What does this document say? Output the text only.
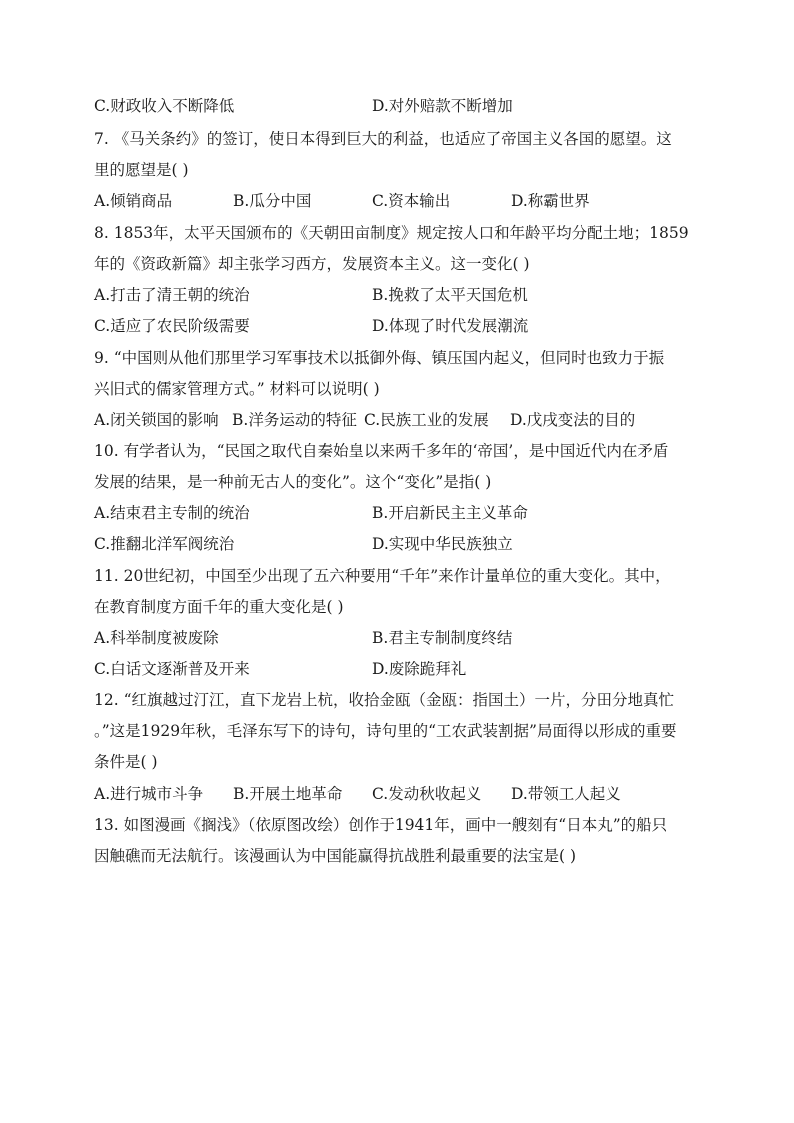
C.财政收入不断降低	D.对外赔款不断增加
7. 《马关条约》的签订，使日本得到巨大的利益，也适应了帝国主义各国的愿望。这
里的愿望是( )
A.倾销商品	B.瓜分中国	C.资本输出	D.称霸世界
8. 1853年，太平天国颁布的《天朝田亩制度》规定按人口和年龄平均分配土地；1859
年的《资政新篇》却主张学习西方，发展资本主义。这一变化( )
A.打击了清王朝的统治	B.挽救了太平天国危机
C.适应了农民阶级需要	D.体现了时代发展潮流
9. “中国则从他们那里学习军事技术以抵御外侮、镇压国内起义，但同时也致力于振
兴旧式的儒家管理方式。” 材料可以说明( )
A.闭关锁国的影响 B.洋务运动的特征 C.民族工业的发展 D.戊戌变法的目的
10. 有学者认为，“民国之取代自秦始皇以来两千多年的‘帝国’，是中国近代内在矛盾
发展的结果，是一种前无古人的变化”。这个“变化”是指( )
A.结束君主专制的统治	B.开启新民主主义革命
C.推翻北洋军阀统治	D.实现中华民族独立
11. 20世纪初，中国至少出现了五六种要用“千年”来作计量单位的重大变化。其中，
在教育制度方面千年的重大变化是( )
A.科举制度被废除	B.君主专制制度终结
C.白话文逐渐普及开来	D.废除跪拜礼
12. “红旗越过汀江，直下龙岩上杭，收拾金瓯（金瓯：指国土）一片，分田分地真忙
。”这是1929年秋，毛泽东写下的诗句，诗句里的“工农武装割据”局面得以形成的重要
条件是( )
A.进行城市斗争 B.开展土地革命 C.发动秋收起义 D.带领工人起义
13. 如图漫画《搁浅》（依原图改绘）创作于1941年，画中一艘刻有“日本丸”的船只
因触礁而无法航行。该漫画认为中国能赢得抗战胜利最重要的法宝是( )
